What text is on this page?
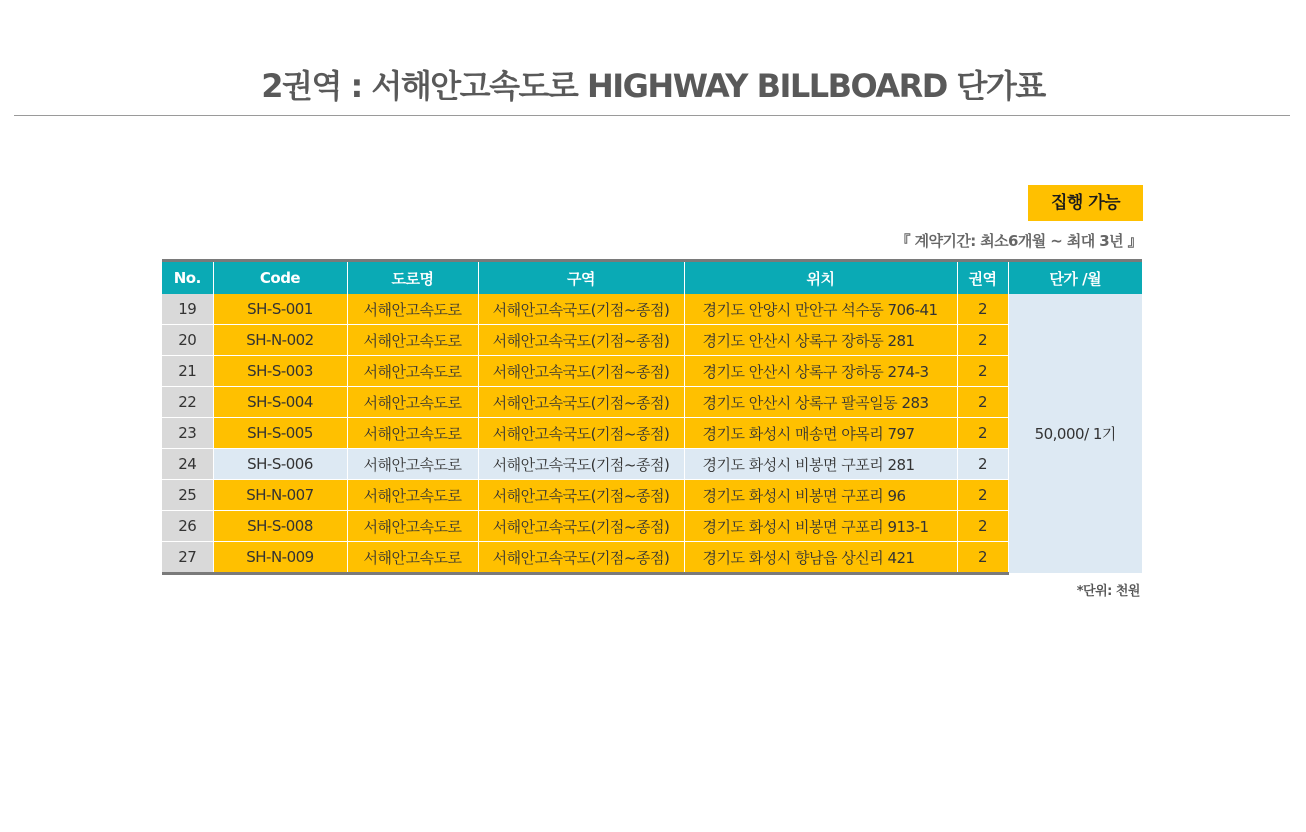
2권역 : 서해안고속도로 HIGHWAY BILLBOARD 단가표
집행 가능
『 계약기간: 최소6개월 ~ 최대 3년 』
No.	Code	도로명	구역	위치	권역	단가 /월
19	SH-S-001	서해안고속도로	서해안고속국도(기점~종점)	경기도 안양시 만안구 석수동 706-41	2	50,000/ 1기
20	SH-N-002	서해안고속도로	서해안고속국도(기점~종점)	경기도 안산시 상록구 장하동 281	2	
21	SH-S-003	서해안고속도로	서해안고속국도(기점~종점)	경기도 안산시 상록구 장하동 274-3	2	
22	SH-S-004	서해안고속도로	서해안고속국도(기점~종점)	경기도 안산시 상록구 팔곡일동 283	2	
23	SH-S-005	서해안고속도로	서해안고속국도(기점~종점)	경기도 화성시 매송면 야목리 797	2	
24	SH-S-006	서해안고속도로	서해안고속국도(기점~종점)	경기도 화성시 비봉면 구포리 281	2	
25	SH-N-007	서해안고속도로	서해안고속국도(기점~종점)	경기도 화성시 비봉면 구포리 96	2	
26	SH-S-008	서해안고속도로	서해안고속국도(기점~종점)	경기도 화성시 비봉면 구포리 913-1	2	
27	SH-N-009	서해안고속도로	서해안고속국도(기점~종점)	경기도 화성시 향남읍 상신리 421	2	
*단위: 천원
